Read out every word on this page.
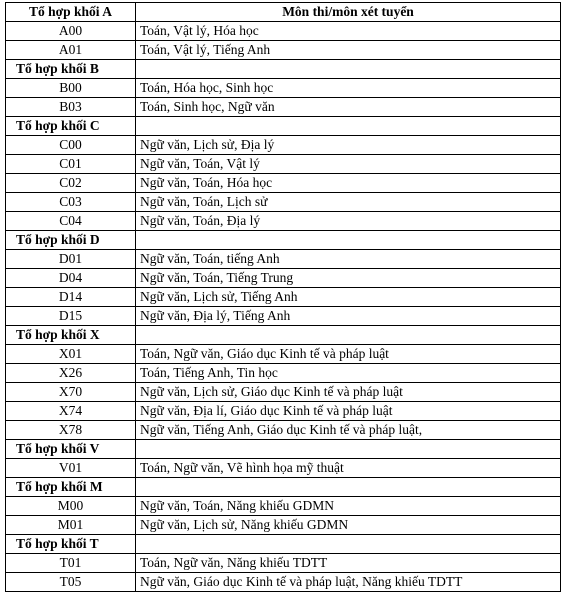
Tổ hợp khối A	Môn thi/môn xét tuyển
A00	Toán, Vật lý, Hóa học
A01	Toán, Vật lý, Tiếng Anh
Tổ hợp khối B	
B00	Toán, Hóa học, Sinh học
B03	Toán, Sinh học, Ngữ văn
Tổ hợp khối C	
C00	Ngữ văn, Lịch sử, Địa lý
C01	Ngữ văn, Toán, Vật lý
C02	Ngữ văn, Toán, Hóa học
C03	Ngữ văn, Toán, Lịch sử
C04	Ngữ văn, Toán, Địa lý
Tổ hợp khối D	
D01	Ngữ văn, Toán, tiếng Anh
D04	Ngữ văn, Toán, Tiếng Trung
D14	Ngữ văn, Lịch sử, Tiếng Anh
D15	Ngữ văn, Địa lý, Tiếng Anh
Tổ hợp khối X	
X01	Toán, Ngữ văn, Giáo dục Kinh tế và pháp luật
X26	Toán, Tiếng Anh, Tin học
X70	Ngữ văn, Lịch sử, Giáo dục Kinh tế và pháp luật
X74	Ngữ văn, Địa lí, Giáo dục Kinh tế và pháp luật
X78	Ngữ văn, Tiếng Anh, Giáo dục Kinh tế và pháp luật,
Tổ hợp khối V	
V01	Toán, Ngữ văn, Vẽ hình họa mỹ thuật
Tổ hợp khối M	
M00	Ngữ văn, Toán, Năng khiếu GDMN
M01	Ngữ văn, Lịch sử, Năng khiếu GDMN
Tổ hợp khối T	
T01	Toán, Ngữ văn, Năng khiếu TDTT
T05	Ngữ văn, Giáo dục Kinh tế và pháp luật, Năng khiếu TDTT
